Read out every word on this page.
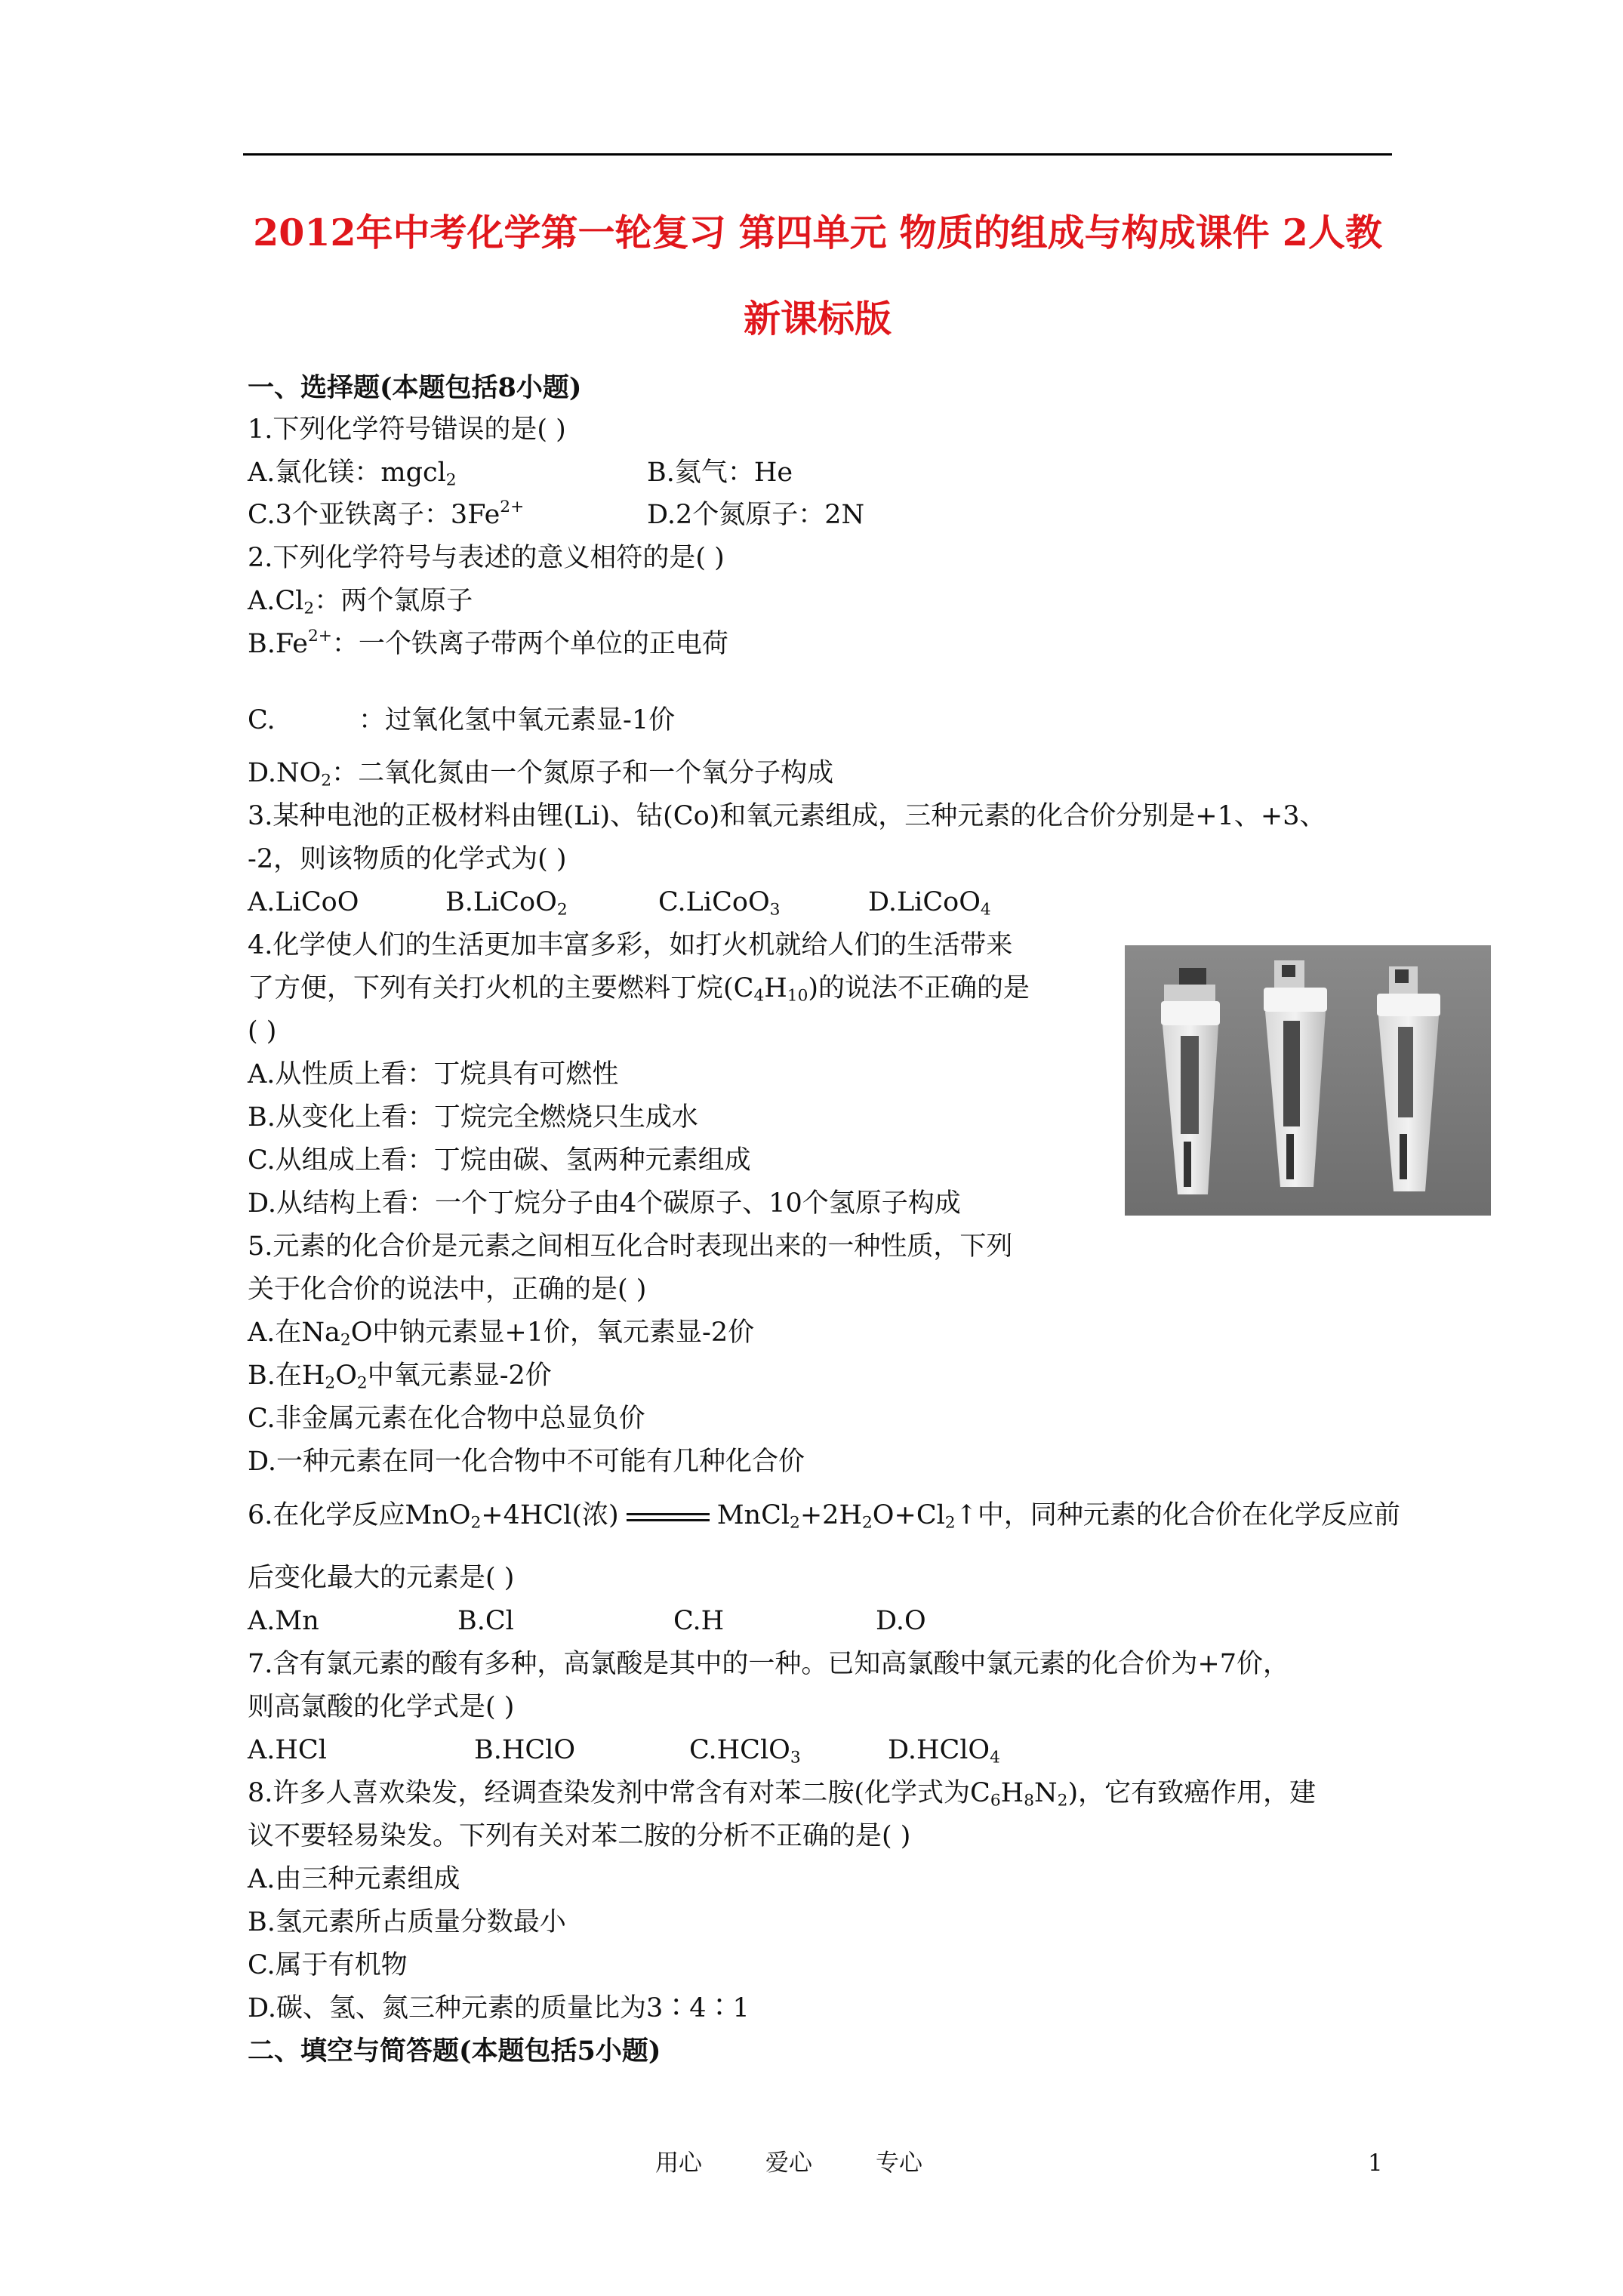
2012年中考化学第一轮复习 第四单元 物质的组成与构成课件 2人教
新课标版
一、选择题(本题包括8小题)
1.下列化学符号错误的是( )
A.氯化镁：mgcl$_2$	B.氦气：He
C.3个亚铁离子：$3Fe^{2+}$	D.2个氮原子：2N
2.下列化学符号与表述的意义相符的是( )
$A.Cl_2$：两个氯原子
$B.Fe^{2+}$：一个铁离子带两个单位的正电荷
C.	：过氧化氢中氧元素显-1价
$D.NO_2$：二氧化氮由一个氮原子和一个氧分子构成
3.某种电池的正极材料由锂(Li)、钴(Co)和氧元素组成，三种元素的化合价分别是+1、+3、
-2，则该物质的化学式为( )
A.LiCoO	B.LiCoO$_2$	C.LiCoO$_3$	D.LiCoO$_4$
4.化学使人们的生活更加丰富多彩，如打火机就给人们的生活带来
了方便，下列有关打火机的主要燃料丁烷$(C_4H_{10})$的说法不正确的是
( )
A.从性质上看：丁烷具有可燃性
B.从变化上看：丁烷完全燃烧只生成水
C.从组成上看：丁烷由碳、氢两种元素组成
D.从结构上看：一个丁烷分子由4个碳原子、10个氢原子构成
5.元素的化合价是元素之间相互化合时表现出来的一种性质，下列
关于化合价的说法中，正确的是( )
A.在$Na_2O$中钠元素显+1价，氧元素显-2价
B.在$H_2O_2$中氧元素显-2价
C.非金属元素在化合物中总显负价
D.一种元素在同一化合物中不可能有几种化合价
6.在化学反应MnO$_2$+4HCl(浓)	$MnCl_2+2H_2O+Cl_2↑$中，同种元素的化合价在化学反应前
后变化最大的元素是( )
A.Mn	B.Cl	C.H	D.O
7.含有氯元素的酸有多种，高氯酸是其中的一种。已知高氯酸中氯元素的化合价为+7价，
则高氯酸的化学式是( )
A.HCl	B.HClO	C.HClO$_3$	D.HClO$_4$
8.许多人喜欢染发，经调查染发剂中常含有对苯二胺(化学式为$C_6H_8N_2$)，它有致癌作用，建
议不要轻易染发。下列有关对苯二胺的分析不正确的是( )
A.由三种元素组成
B.氢元素所占质量分数最小
C.属于有机物
D.碳、氢、氮三种元素的质量比为3∶4∶1
二、填空与简答题(本题包括5小题)
用心	爱心	专心	1
